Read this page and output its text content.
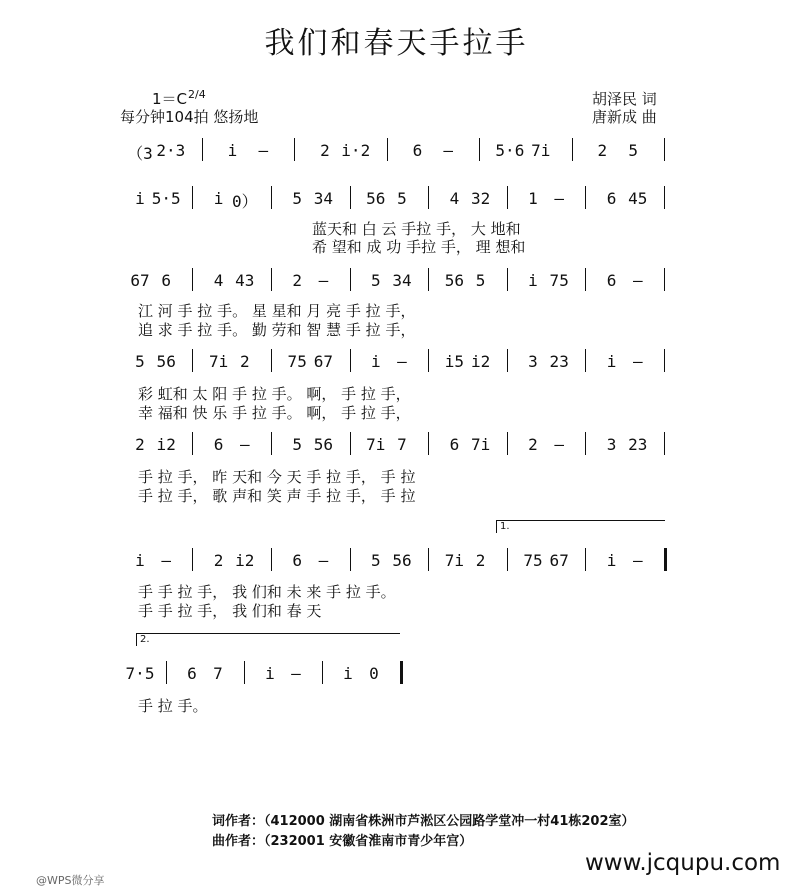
我们和春天手拉手
1＝C 2/4
每分钟104拍 悠扬地
胡泽民 词
唐新成 曲
（3 2·3	i —	2 i·2	6 —	5·6 7i	2 5
i 5·5 i 0） 5 34 56 5	4 32 1 —	6 45
67 6	4 43 2 —	5 34 56 5	i 75 6 —
5 56 7i 2 75 67 i — i5 i2 3 23 i —
2 i2 6 —	5 56 7i 7	6 7i 2 —	3 23
i —	2 i2 6 —	5 56 7i 2 75 67 i —
7·5 6 7	i —	i 0
1.
2.
蓝天和 白 云 手拉 手， 大 地和
希 望和 成 功 手拉 手， 理 想和
江 河 手 拉 手。 星 星和 月 亮 手 拉 手，
追 求 手 拉 手。 勤 劳和 智 慧 手 拉 手，
彩 虹和 太 阳 手 拉 手。 啊， 手 拉 手，
幸 福和 快 乐 手 拉 手。 啊， 手 拉 手，
手 拉 手， 昨 天和 今 天 手 拉 手， 手 拉
手 拉 手， 歌 声和 笑 声 手 拉 手， 手 拉
手 手 拉 手， 我 们和 未 来 手 拉 手。
手 手 拉 手， 我 们和 春 天
手 拉 手。
词作者：（412000 湖南省株洲市芦淞区公园路学堂冲一村41栋202室）
曲作者：（232001 安徽省淮南市青少年宫）
@WPS微分享
www.jcqupu.com
